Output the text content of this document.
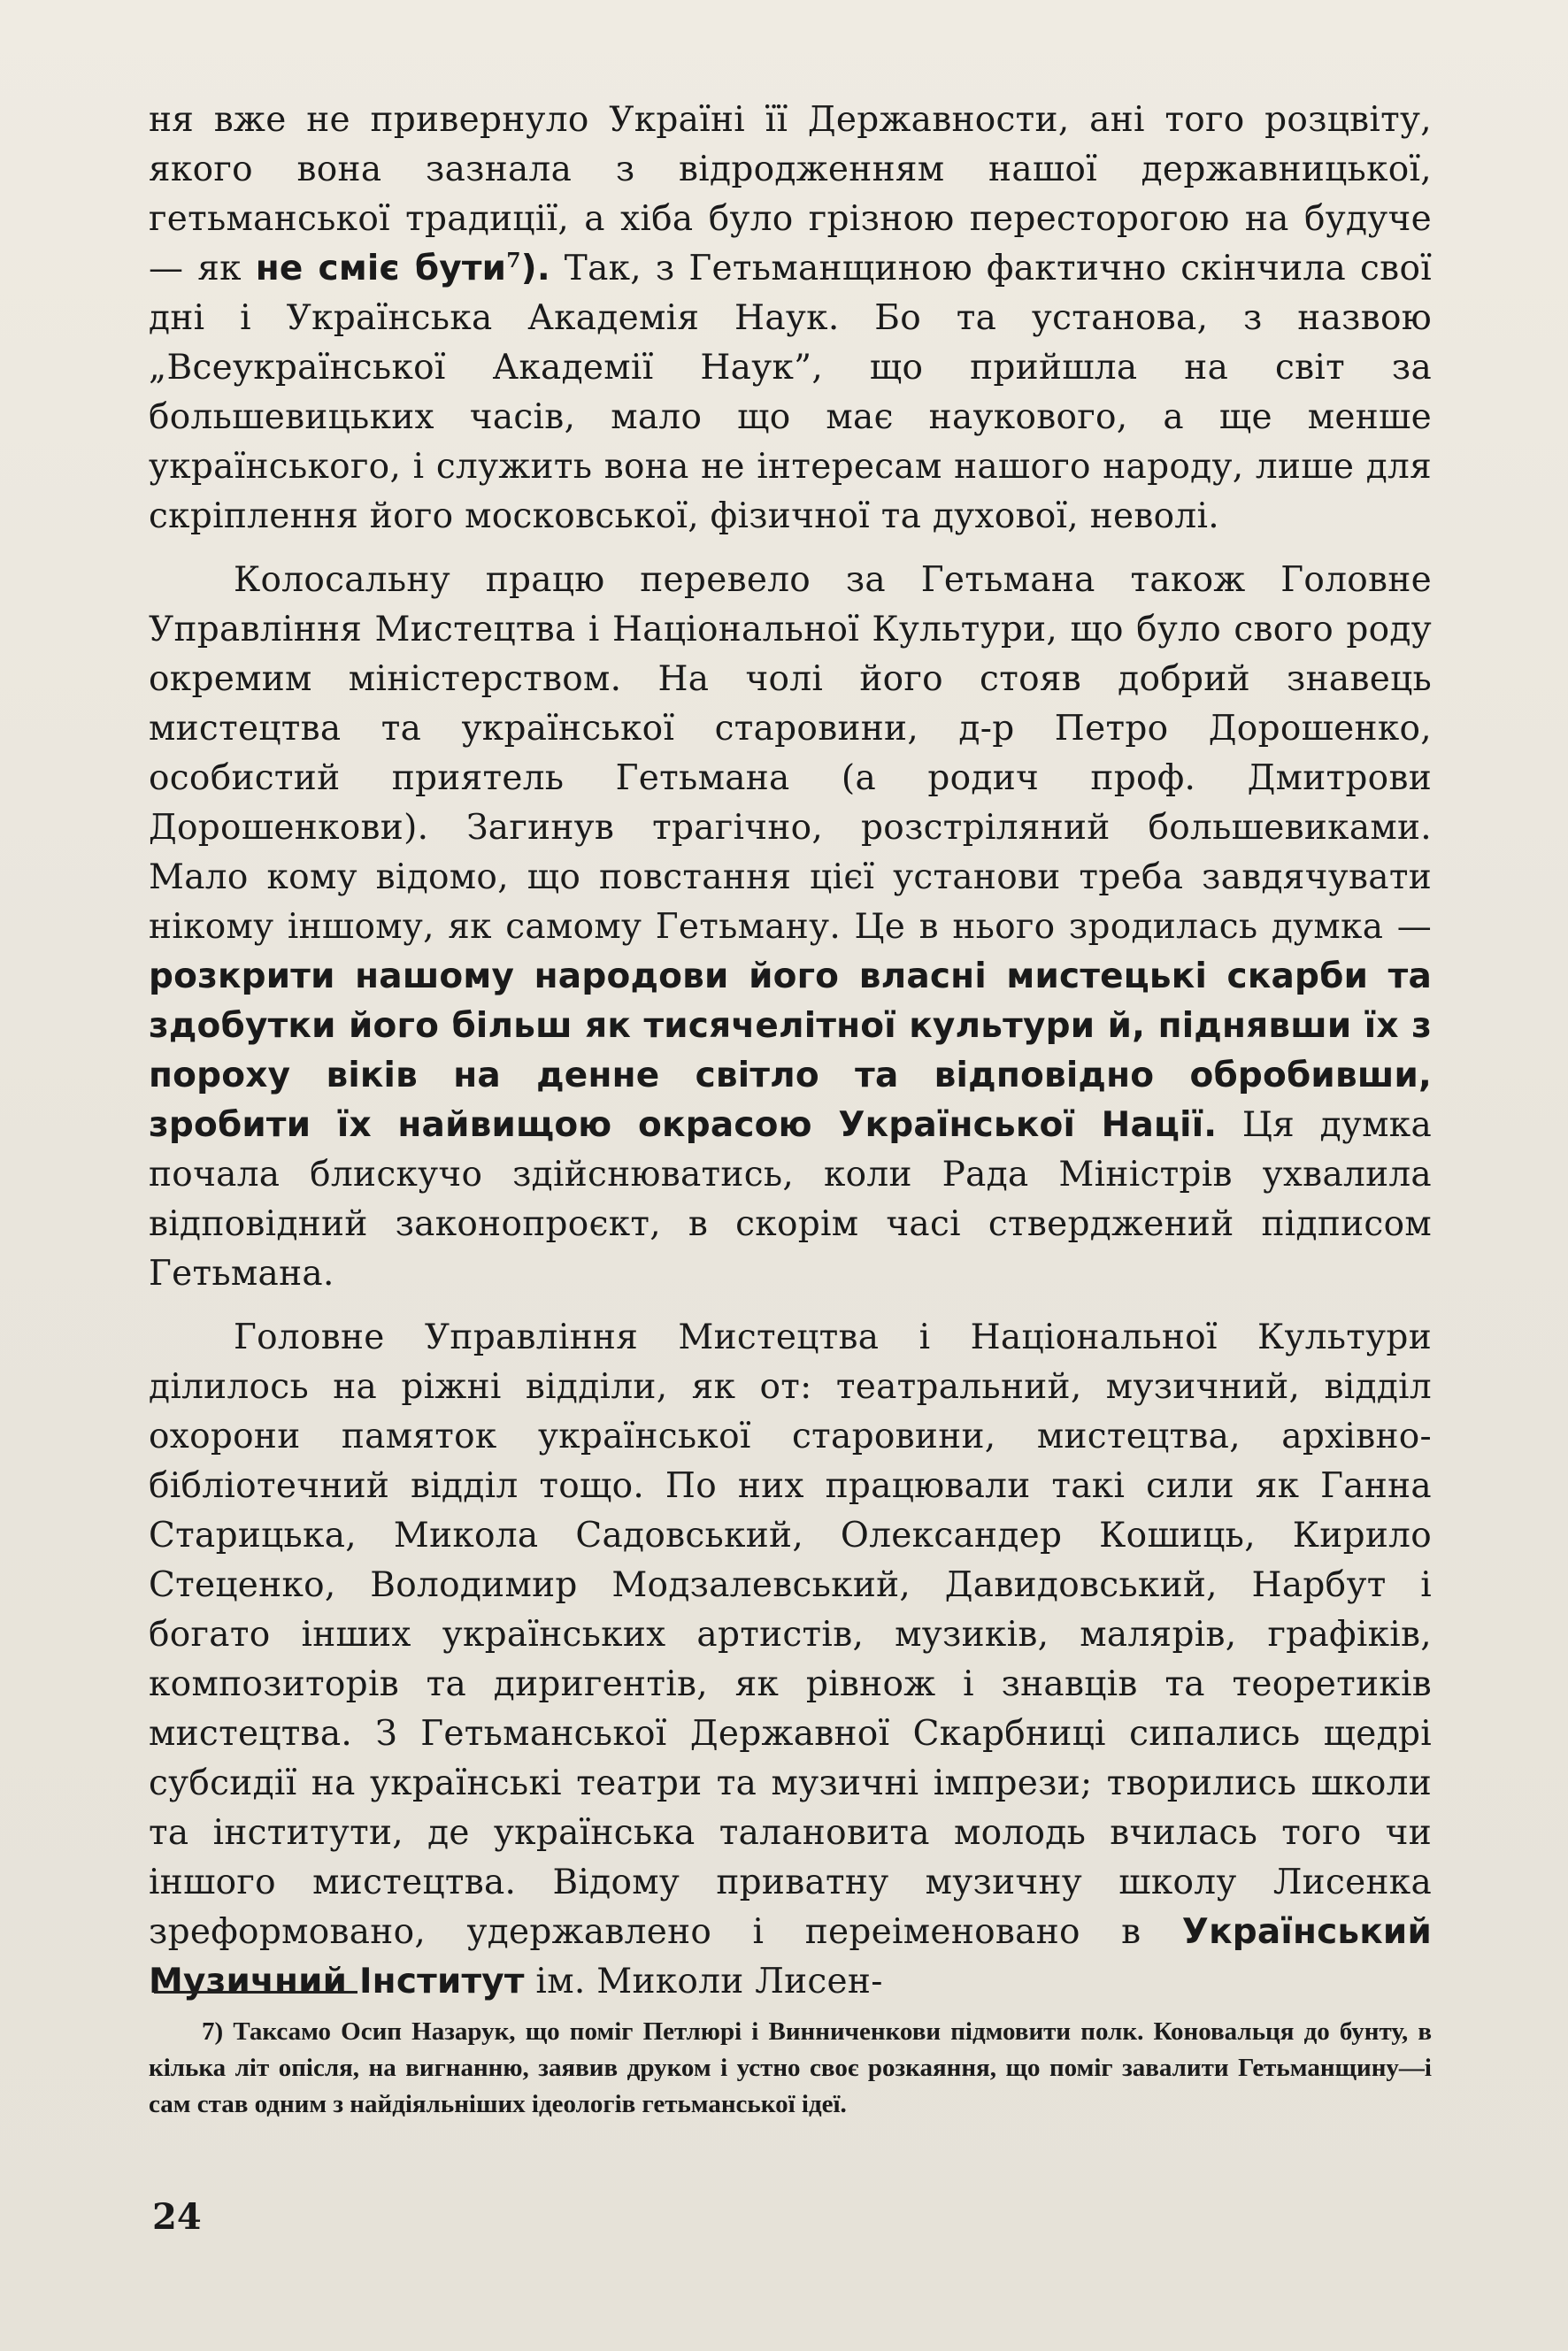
ня вже не привернуло Україні її Державности, ані того розцвіту, якого вона зазнала з відродженням нашої державницької, гетьманської традиції, а хіба було грізною пересторогою на будуче — як не сміє бути$^7$). Так, з Гетьманщиною фактично скінчила свої дні і Українська Академія Наук. Бо та установа, з назвою „Всеукраїнської Академії Наук”, що прийшла на світ за большевицьких часів, мало що має наукового, а ще менше українського, і служить вона не інтересам нашого народу, лише для скріплення його московської, фізичної та духової, неволі.

Колосальну працю перевело за Гетьмана також Головне Управління Мистецтва і Національної Культури, що було свого роду окремим міністерством. На чолі його стояв добрий знавець мистецтва та української старовини, д-р Петро Дорошенко, особистий приятель Гетьмана (а родич проф. Дмитрови Дорошенкови). Загинув трагічно, розстріляний большевиками. Мало кому відомо, що повстання цієї установи треба завдячувати нікому іншому, як самому Гетьману. Це в нього зродилась думка —розкрити нашому народови його власні мистецькі скарби та здобутки його більш як тисячелітної культури й, піднявши їх з пороху віків на денне світло та відповідно обробивши, зробити їх найвищою окрасою Української Нації. Ця думка почала блискучо здійснюватись, коли Рада Міністрів ухвалила відповідний законопроєкт, в скорім часі стверджений підписом Гетьмана.

Головне Управління Мистецтва і Національної Культури ділилось на ріжні відділи, як от: театральний, музичний, відділ охорони памяток української старовини, мистецтва, архівно-бібліотечний відділ тощо. По них працювали такі сили як Ганна Старицька, Микола Садовський, Олександер Кошиць, Кирило Стеценко, Володимир Модзалевський, Давидовський, Нарбут і богато інших українських артистів, музиків, малярів, графіків, композиторів та диригентів, як рівнож і знавців та теоретиків мистецтва. З Гетьманської Державної Скарбниці сипались щедрі субсидії на українські театри та музичні імпрези; творились школи та інститути, де українська талановита молодь вчилась того чи іншого мистецтва. Відому приватну музичну школу Лисенка зреформовано, удержавлено і переіменовано в Український Музичний Інститут ім. Миколи Лисен-

7) Таксамо Осип Назарук, що поміг Петлюрі і Винниченкови підмовити полк. Коновальця до бунту, в кілька літ опісля, на вигнанню, заявив друком і устно своє розкаяння, що поміг завалити Гетьманщину—і сам став одним з найдіяльніших ідеологів гетьманської ідеї.

24
